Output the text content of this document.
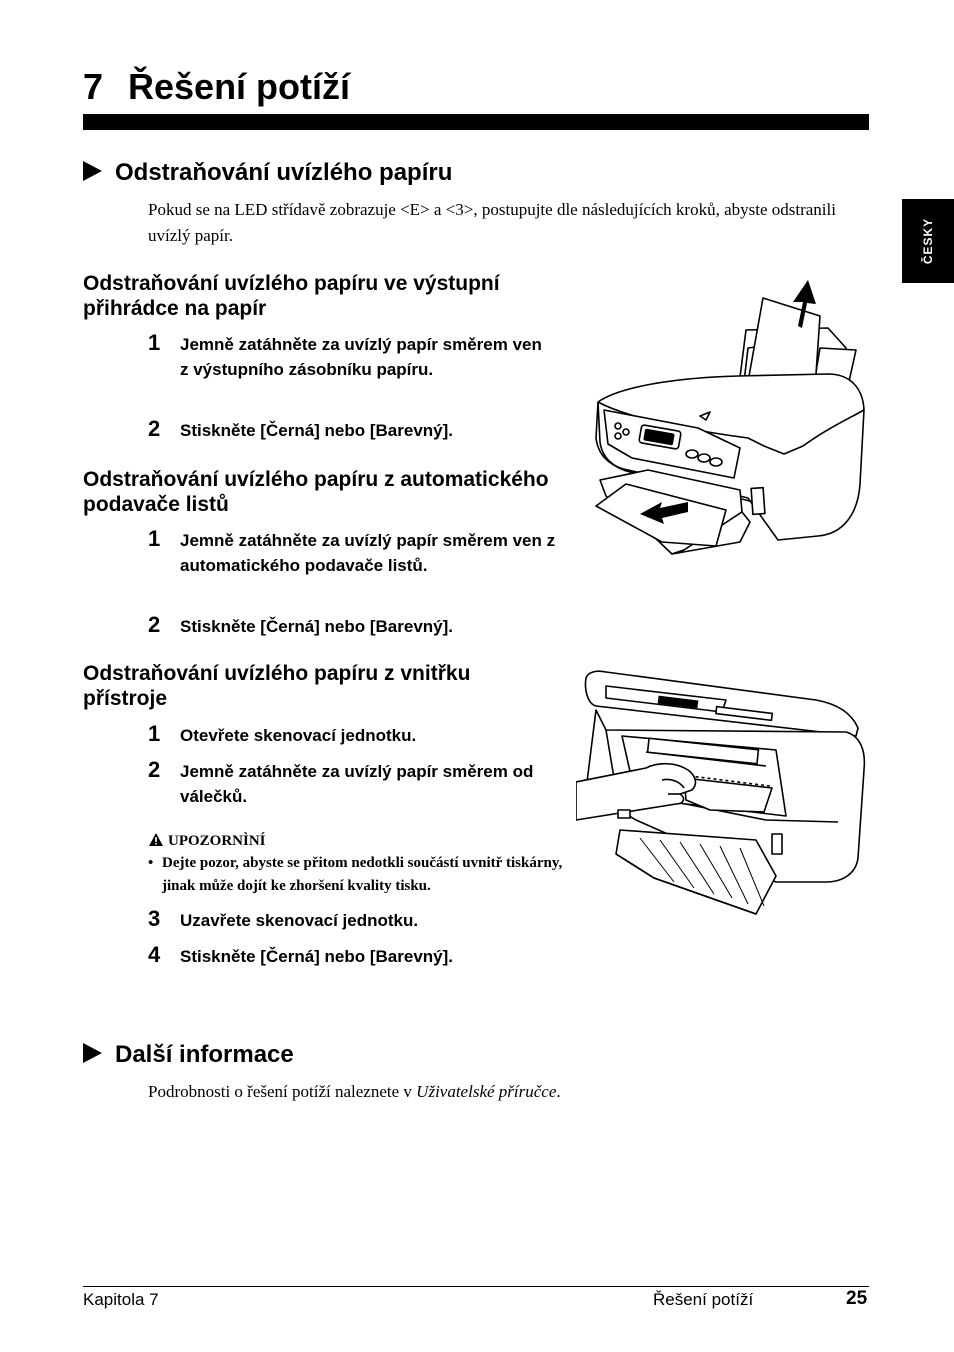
7 Řešení potíží
ČESKY
Odstraňování uvízlého papíru

Pokud se na LED střídavě zobrazuje <E> a <3>, postupujte dle následujících kroků, abyste odstranili uvízlý papír.

Odstraňování uvízlého papíru ve výstupní přihrádce na papír
1 Jemně zatáhněte za uvízlý papír směrem ven z výstupního zásobníku papíru.
2 Stiskněte [Černá] nebo [Barevný].
Odstraňování uvízlého papíru z automatického podavače listů
1 Jemně zatáhněte za uvízlý papír směrem ven z automatického podavače listů.
2 Stiskněte [Černá] nebo [Barevný].
Odstraňování uvízlého papíru z vnitřku přístroje
1 Otevřete skenovací jednotku.
2 Jemně zatáhněte za uvízlý papír směrem od válečků.
UPOZORNÌNÍ
• Dejte pozor, abyste se přitom nedotkli součástí uvnitř tiskárny, jinak může dojít ke zhoršení kvality tisku.
3 Uzavřete skenovací jednotku.
4 Stiskněte [Černá] nebo [Barevný].
Další informace

Podrobnosti o řešení potíží naleznete v Uživatelské příručce.

Kapitola 7	Řešení potíží	25
